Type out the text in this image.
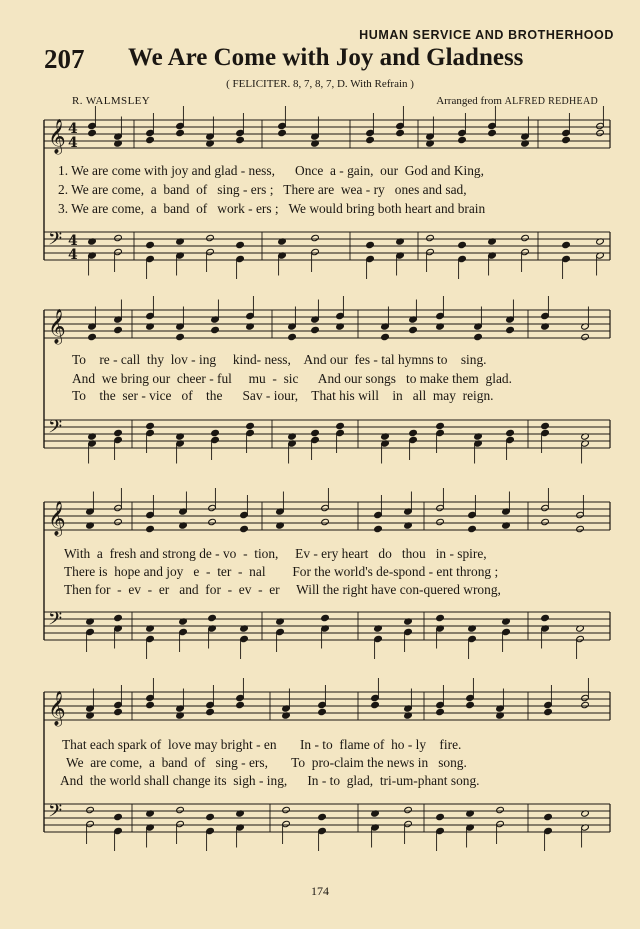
HUMAN SERVICE AND BROTHERHOOD
207 We Are Come with Joy and Gladness
( FELICITER. 8, 7, 8, 7, D. With Refrain )
R. WALMSLEY	Arranged from ALFRED REDHEAD
𝄞 4
4
𝄢 4
4
𝄞
𝄢
𝄞
𝄢
𝄞
𝄢
1. We are come with joy and glad - ness,      Once  a - gain,  our  God and King,
2. We are come,  a  band  of   sing - ers ;   There are  wea - ry   ones and sad,
3. We are come,  a  band  of   work - ers ;   We would bring both heart and brain
To    re - call  thy  lov - ing     kind- ness,    And our  fes - tal hymns to    sing.
And  we bring our  cheer - ful     mu  -  sic      And our songs   to make them  glad.
To    the  ser - vice   of    the      Sav - iour,    That his will    in   all  may  reign.
With  a  fresh and strong de - vo  -  tion,     Ev - ery heart   do   thou   in - spire,
There is  hope and joy   e  -  ter  -  nal        For the world's de-spond - ent throng ;
Then for  -  ev  -  er   and  for  -  ev  -  er     Will the right have con-quered wrong,
That each spark of  love may bright - en       In - to  flame of  ho - ly    fire.
We  are come,  a  band  of   sing - ers,       To  pro-claim the news in   song.
And  the world shall change its  sigh - ing,      In - to  glad,  tri-um-phant song.
174
